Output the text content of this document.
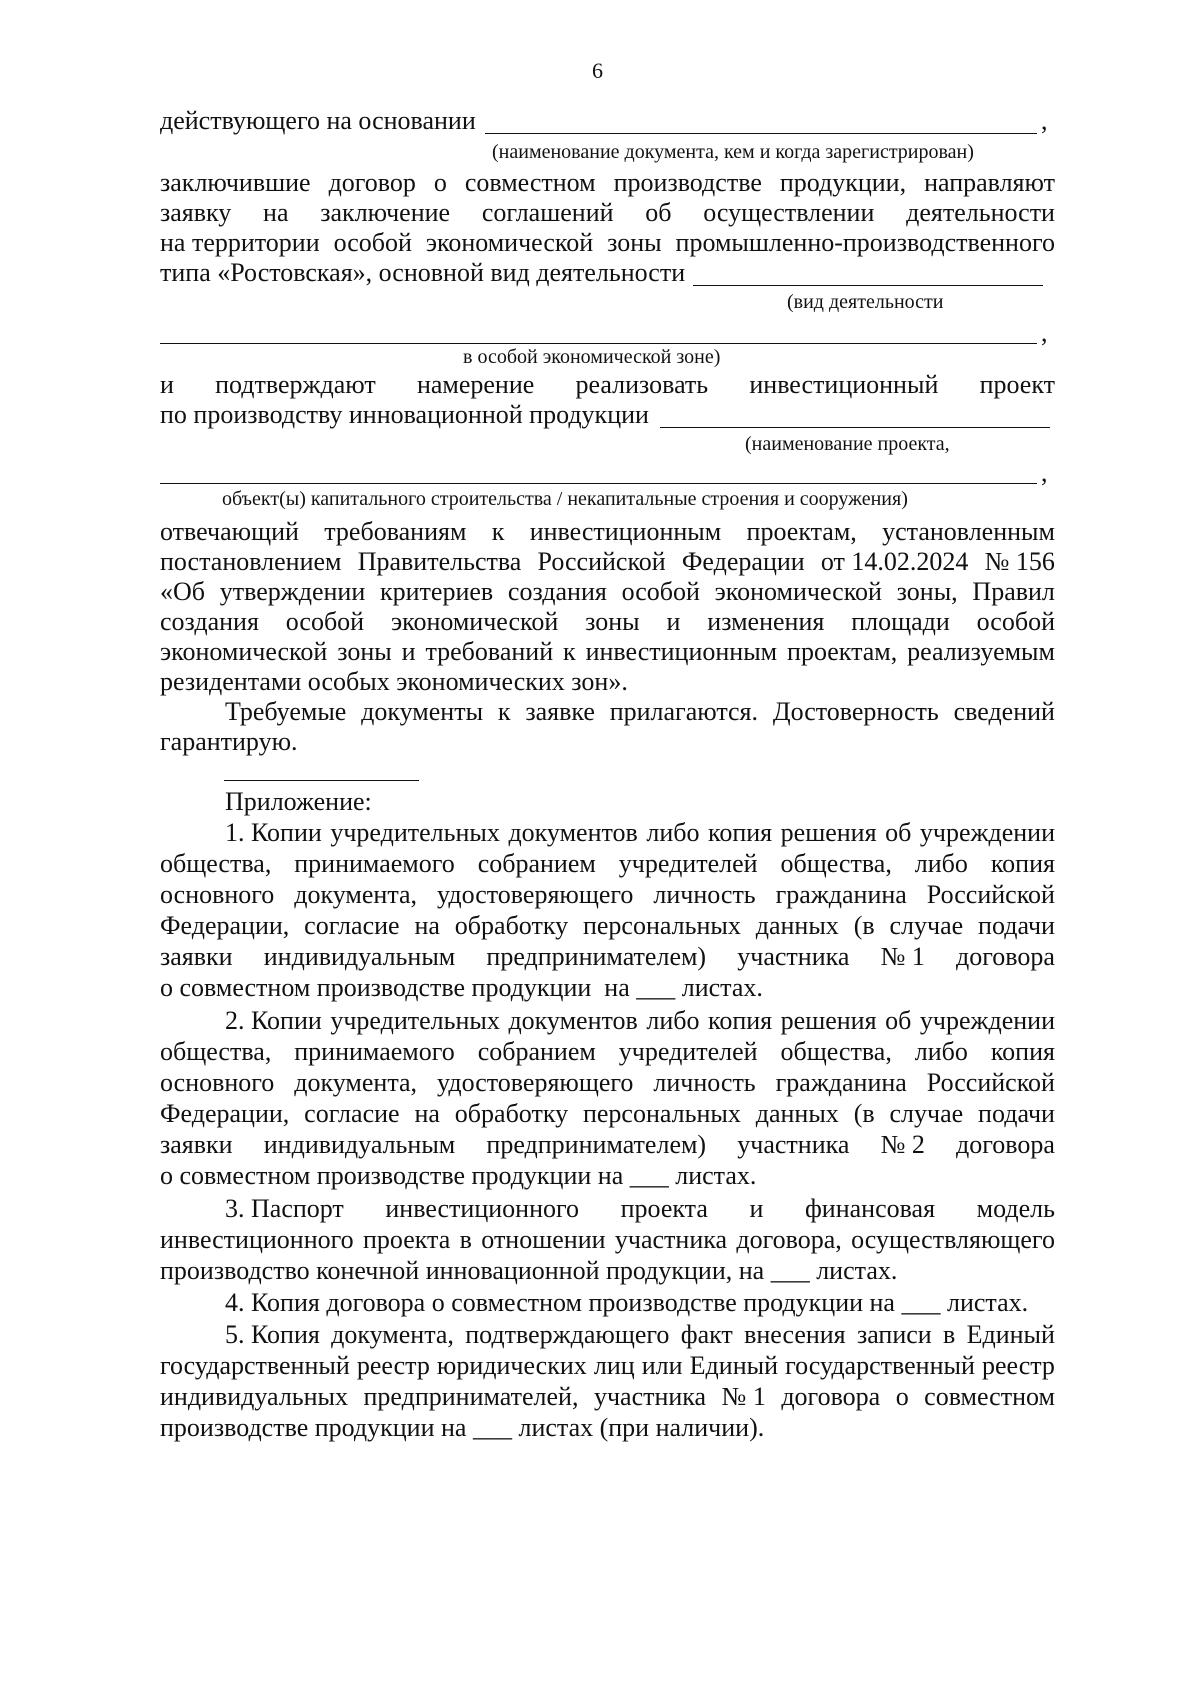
6
действующего на основании	,
(наименование документа, кем и когда зарегистрирован)
заключившие договор о совместном производстве продукции, направляют
заявку на заключение соглашений об осуществлении деятельности
на территории особой экономической зоны промышленно-производственного
типа «Ростовская», основной вид деятельности
(вид деятельности
,
в особой экономической зоне)
и подтверждают намерение реализовать инвестиционный проект
по производству инновационной продукции
(наименование проекта,
,
объект(ы) капитального строительства / некапитальные строения и сооружения)
отвечающий требованиям к инвестиционным проектам, установленным
постановлением Правительства Российской Федерации от 14.02.2024 № 156
«Об утверждении критериев создания особой экономической зоны, Правил
создания особой экономической зоны и изменения площади особой
экономической зоны и требований к инвестиционным проектам, реализуемым
резидентами особых экономических зон».
Требуемые документы к заявке прилагаются. Достоверность сведений
гарантирую.
Приложение:
1. Копии учредительных документов либо копия решения об учреждении
общества, принимаемого собранием учредителей общества, либо копия
основного документа, удостоверяющего личность гражданина Российской
Федерации, согласие на обработку персональных данных (в случае подачи
заявки индивидуальным предпринимателем) участника № 1 договора
о совместном производстве продукции  на ___ листах.
2. Копии учредительных документов либо копия решения об учреждении
общества, принимаемого собранием учредителей общества, либо копия
основного документа, удостоверяющего личность гражданина Российской
Федерации, согласие на обработку персональных данных (в случае подачи
заявки индивидуальным предпринимателем) участника № 2 договора
о совместном производстве продукции на ___ листах.
3. Паспорт инвестиционного проекта и финансовая модель
инвестиционного проекта в отношении участника договора, осуществляющего
производство конечной инновационной продукции, на ___ листах.
4. Копия договора о совместном производстве продукции на ___ листах.
5. Копия документа, подтверждающего факт внесения записи в Единый
государственный реестр юридических лиц или Единый государственный реестр
индивидуальных предпринимателей, участника № 1 договора о совместном
производстве продукции на ___ листах (при наличии).
